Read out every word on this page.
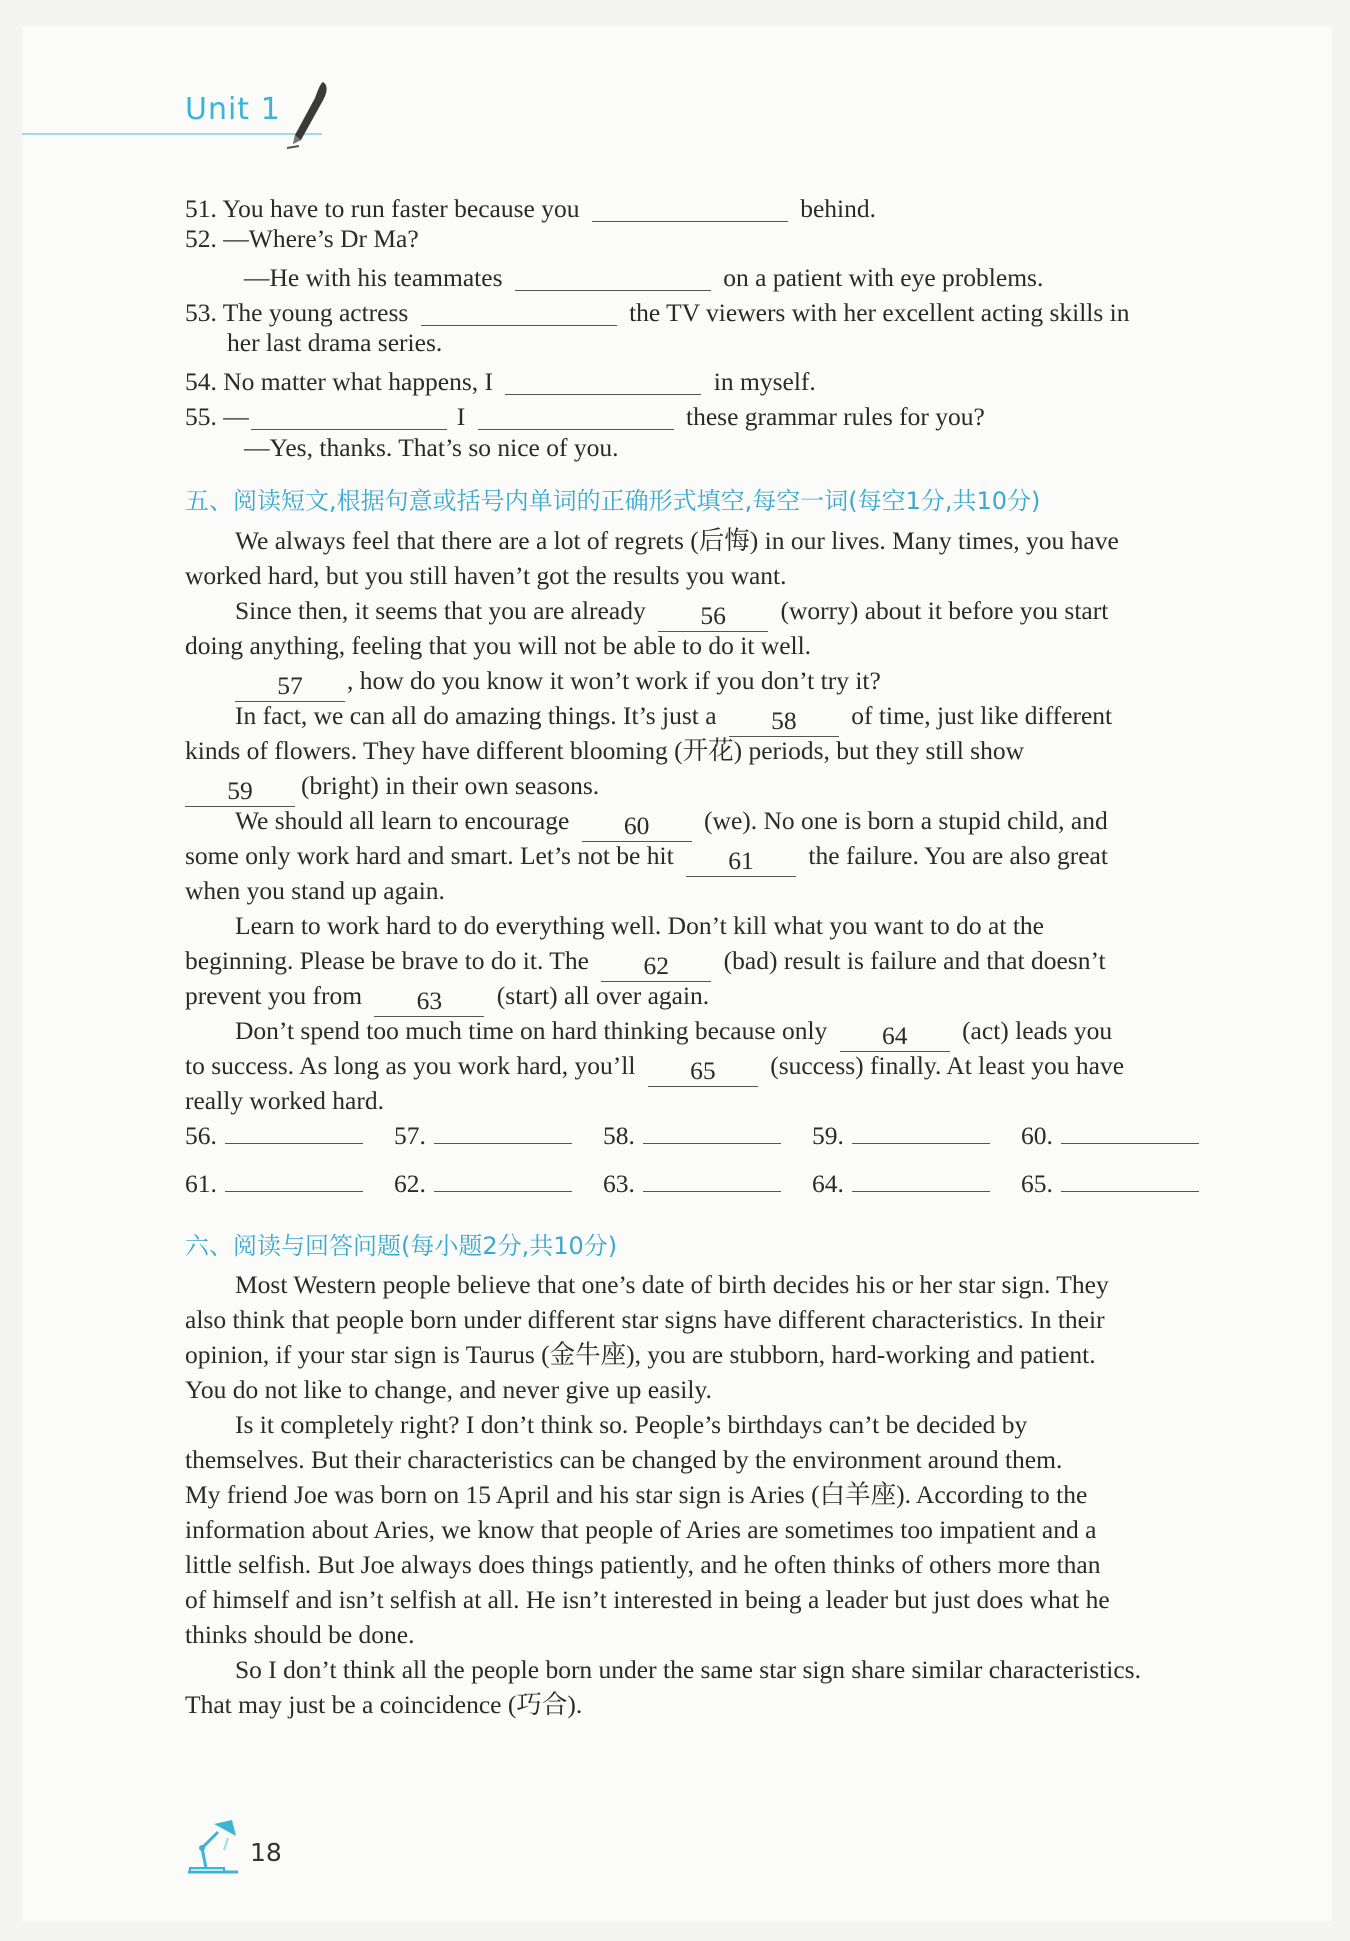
Unit 1
51. You have to run faster because you	behind.
52. —Where’s Dr Ma?
—He with his teammates	on a patient with eye problems.
53. The young actress	the TV viewers with her excellent acting skills in
her last drama series.
54. No matter what happens, I	in myself.
55. —	I	these grammar rules for you?
—Yes, thanks. That’s so nice of you.
五、阅读短文,根据句意或括号内单词的正确形式填空,每空一词(每空1分,共10分)
We always feel that there are a lot of regrets (后悔) in our lives. Many times, you have
worked hard, but you still haven’t got the results you want.
Since then, it seems that you are already 56 (worry) about it before you start
doing anything, feeling that you will not be able to do it well.
57 , how do you know it won’t work if you don’t try it?
In fact, we can all do amazing things. It’s just a 58 of time, just like different
kinds of flowers. They have different blooming (开花) periods, but they still show
59 (bright) in their own seasons.
We should all learn to encourage 60 (we). No one is born a stupid child, and
some only work hard and smart. Let’s not be hit 61 the failure. You are also great
when you stand up again.
Learn to work hard to do everything well. Don’t kill what you want to do at the
beginning. Please be brave to do it. The 62 (bad) result is failure and that doesn’t
prevent you from 63 (start) all over again.
Don’t spend too much time on hard thinking because only 64 (act) leads you
to success. As long as you work hard, you’ll 65 (success) finally. At least you have
really worked hard.
56.	57.	58.	59.	60.
61.	62.	63.	64.	65.
六、阅读与回答问题(每小题2分,共10分)
Most Western people believe that one’s date of birth decides his or her star sign. They
also think that people born under different star signs have different characteristics. In their
opinion, if your star sign is Taurus (金牛座), you are stubborn, hard-working and patient.
You do not like to change, and never give up easily.
Is it completely right? I don’t think so. People’s birthdays can’t be decided by
themselves. But their characteristics can be changed by the environment around them.
My friend Joe was born on 15 April and his star sign is Aries (白羊座). According to the
information about Aries, we know that people of Aries are sometimes too impatient and a
little selfish. But Joe always does things patiently, and he often thinks of others more than
of himself and isn’t selfish at all. He isn’t interested in being a leader but just does what he
thinks should be done.
So I don’t think all the people born under the same star sign share similar characteristics.
That may just be a coincidence (巧合).
18
